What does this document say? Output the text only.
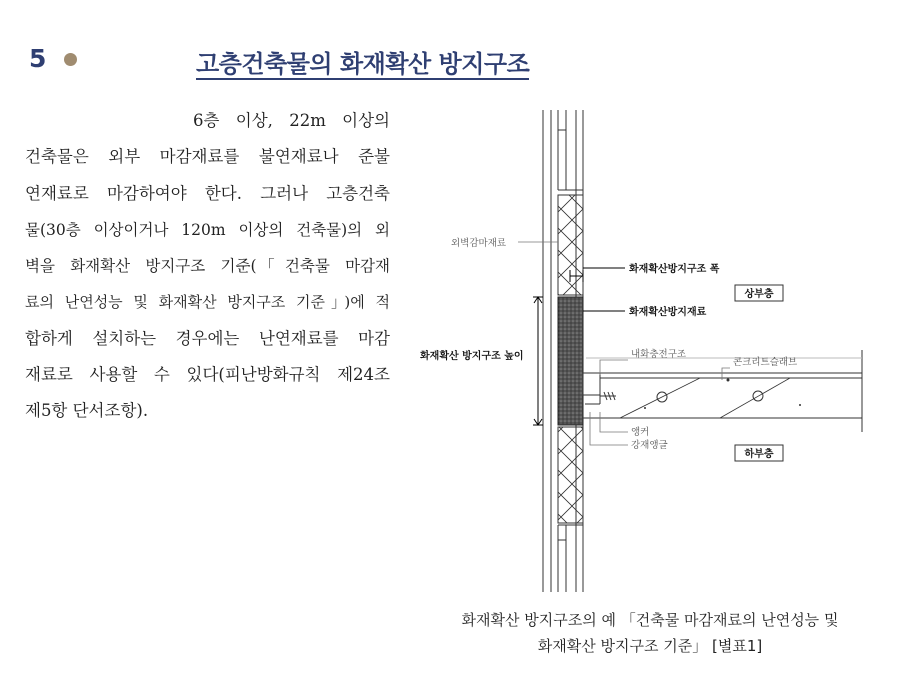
5	고층건축물의 화재확산 방지구조
6층 이상, 22m 이상의
건축물은 외부 마감재료를 불연재료나 준불
연재료로 마감하여야 한다. 그러나 고층건축
물(30층 이상이거나 120m 이상의 건축물)의 외
벽을 화재확산 방지구조 기준(「건축물 마감재
료의 난연성능 및 화재확산 방지구조 기준」)에 적
합하게 설치하는 경우에는 난연재료를 마감
재료로 사용할 수 있다(피난방화규칙 제24조
제5항 단서조항).
외벽감마재료
화재확산방지구조 폭
상부층
화재확산방지재료
화재확산 방지구조 높이	내화충전구조
콘크리트슬래브
앵커
강재앵글
하부층
화재확산 방지구조의 예 「건축물 마감재료의 난연성능 및
화재확산 방지구조 기준」 [별표1]
